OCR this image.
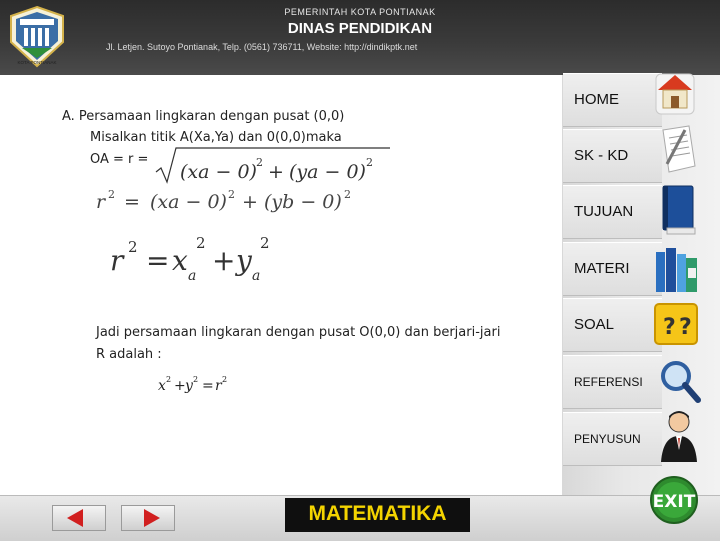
KOTA PONTIANAK
PEMERINTAH KOTA PONTIANAK
DINAS PENDIDIKAN
Jl. Letjen. Sutoyo Pontianak, Telp. (0561) 736711, Website: http://dindikptk.net
A. Persamaan lingkaran dengan pusat (0,0)
Misalkan titik A(Xa,Ya) dan 0(0,0)maka
OA = r =
(xa − 0) 2 + (ya − 0) 2
r 2 = (xa − 0) 2 + (yb − 0) 2
r 2 = x a
2
+ y a
2
Jadi persamaan lingkaran dengan pusat O(0,0) dan berjari-jari
R adalah :
x 2 + y 2 = r 2
HOME
SK - KD
TUJUAN
MATERI
SOAL ? ?
REFERENSI
PENYUSUN
MATEMATIKA	EXIT
